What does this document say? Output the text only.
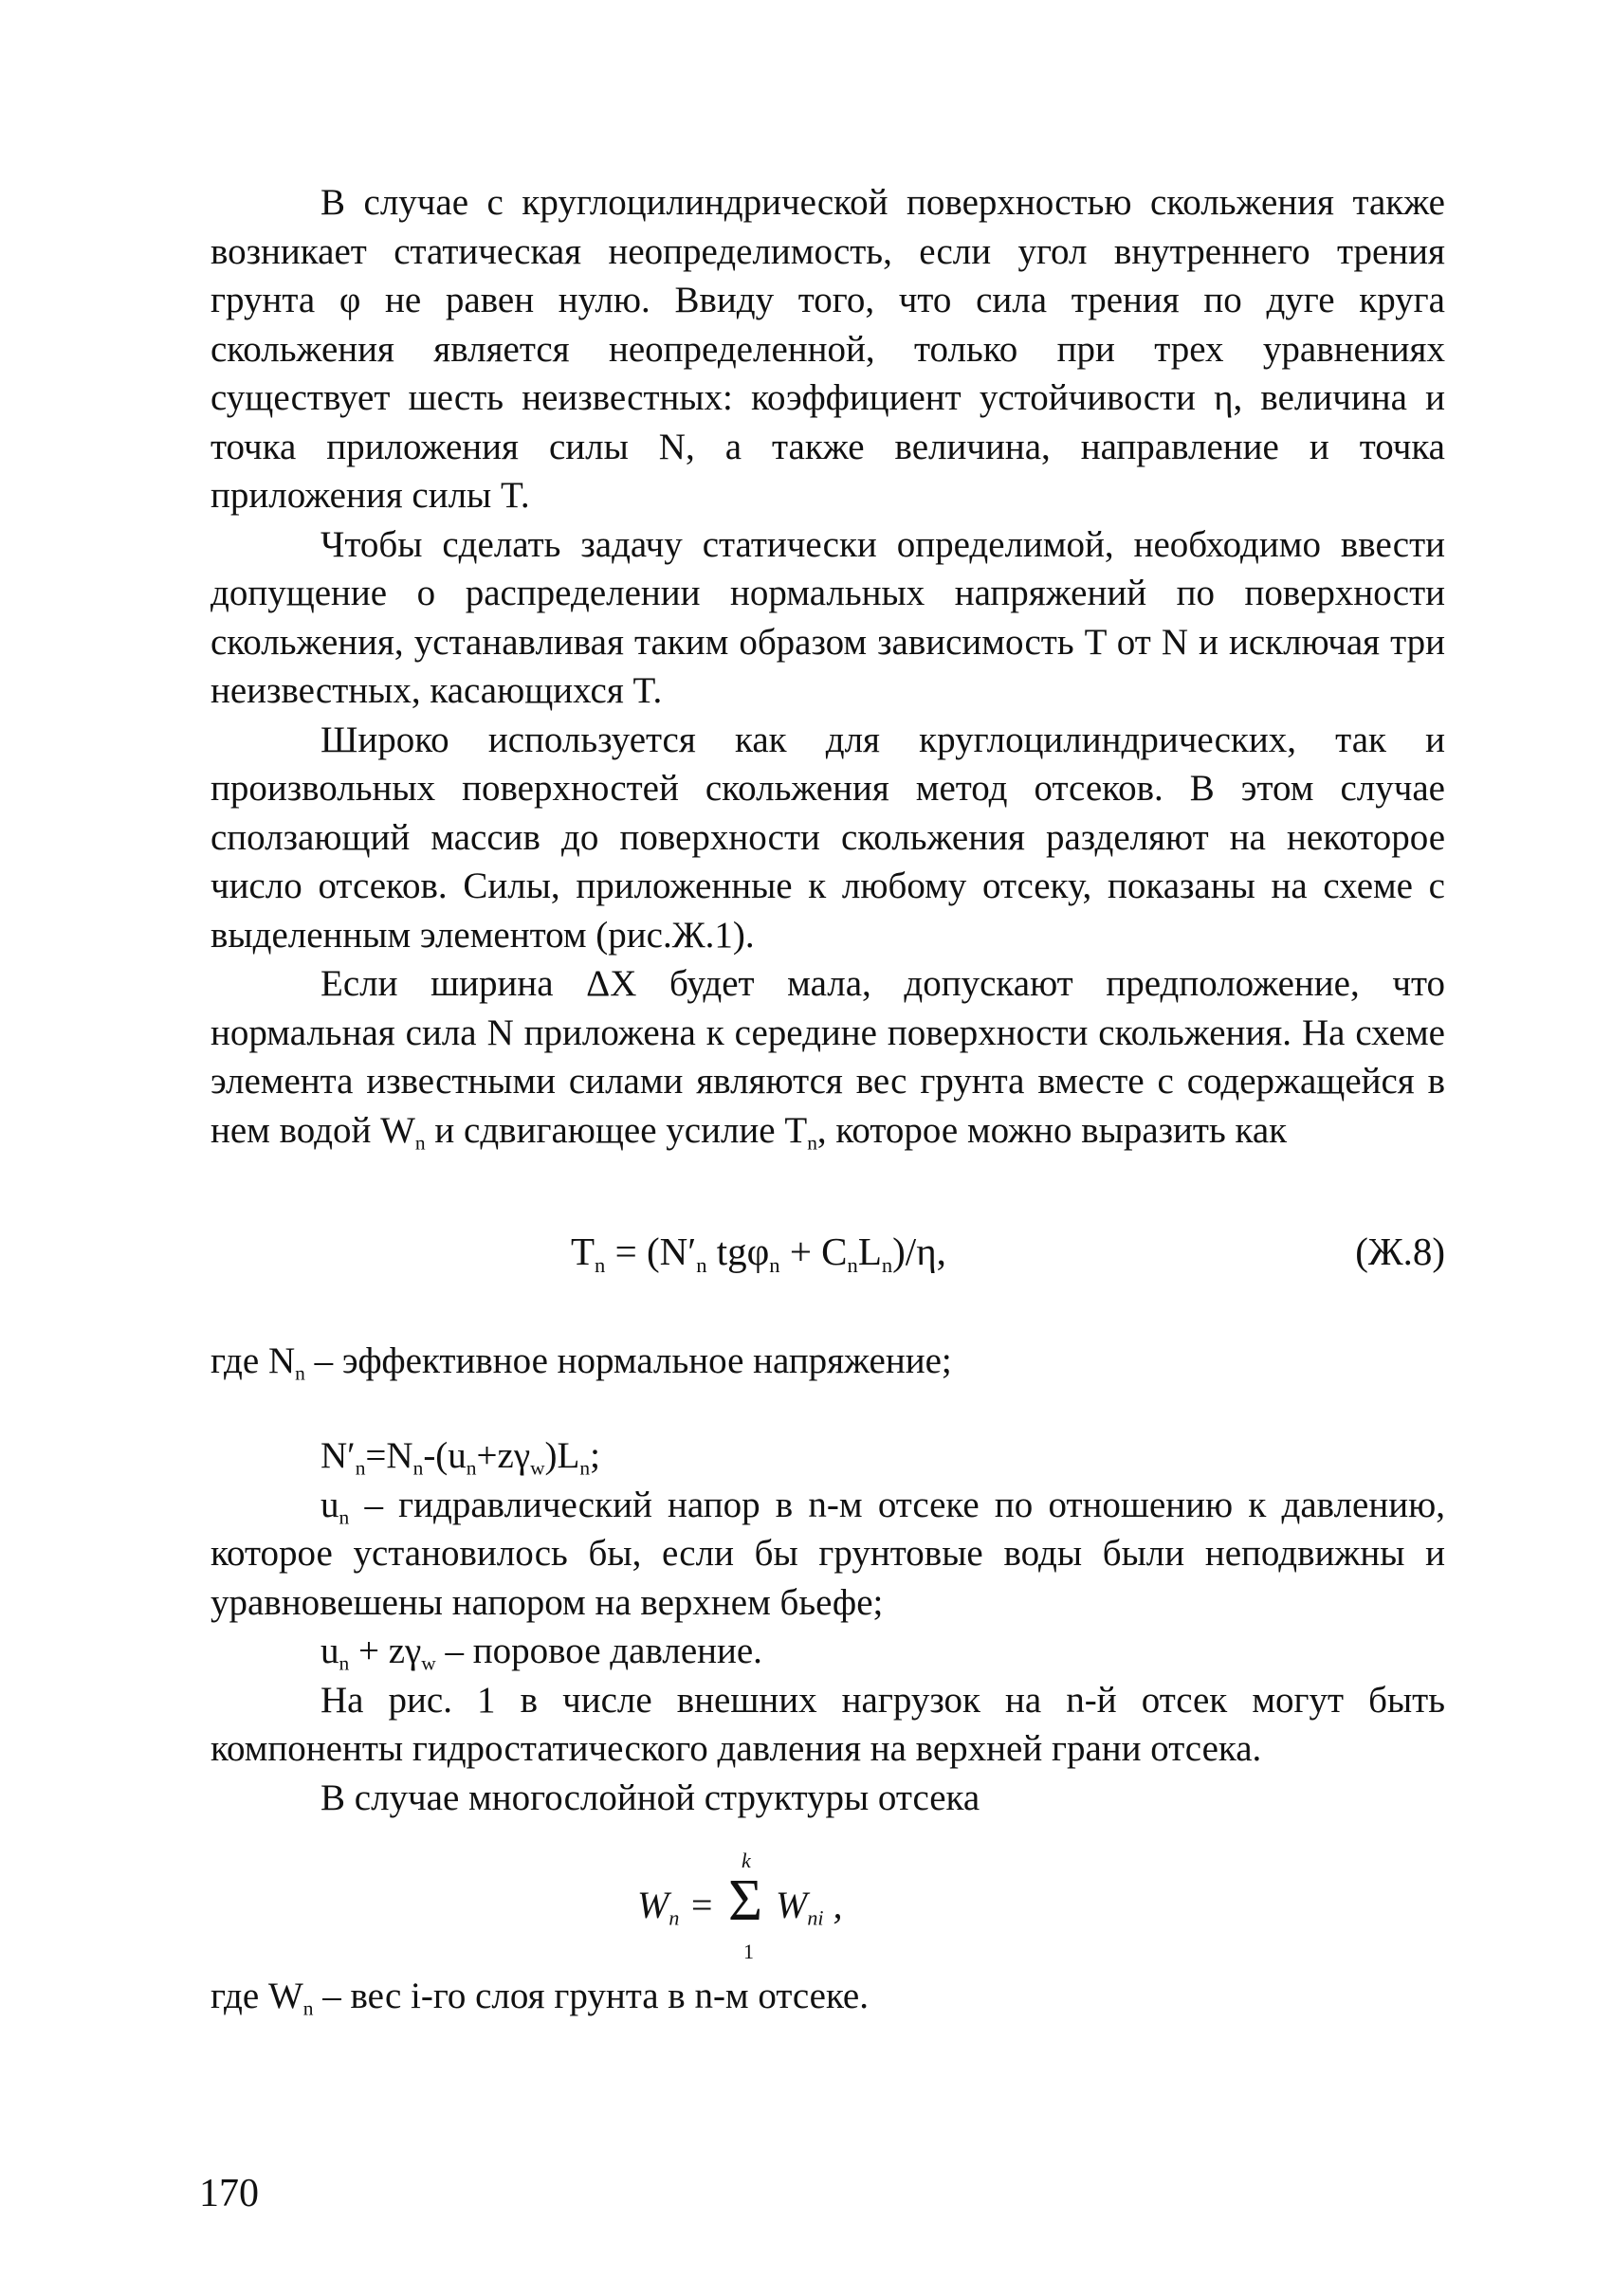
В случае с круглоцилиндрической поверхностью скольжения также возникает статическая неопределимость, если угол внутреннего трения грунта φ не равен нулю. Ввиду того, что сила трения по дуге круга скольжения является неопределенной, только при трех уравнениях существует шесть неизвестных: коэффициент устойчивости η, величина и точка приложения силы N, а также величина, направление и точка приложения силы T.

Чтобы сделать задачу статически определимой, необходимо ввести допущение о распределении нормальных напряжений по поверхности скольжения, устанавливая таким образом зависимость T от N и исключая три неизвестных, касающихся T.

Широко используется как для круглоцилиндрических, так и произвольных поверхностей скольжения метод отсеков. В этом случае сползающий массив до поверхности скольжения разделяют на некоторое число отсеков. Силы, приложенные к любому отсеку, показаны на схеме с выделенным элементом (рис.Ж.1).

Если ширина ΔX будет мала, допускают предположение, что нормальная сила N приложена к середине поверхности скольжения. На схеме элемента известными силами являются вес грунта вместе с содержащейся в нем водой $W_n$ и сдвигающее усилие $T_n$, которое можно выразить как

$T_n = (N'_n$ $tg\varphi_n + C_nL_n)/\eta$,	(Ж.8)
где $N_n$ – эффективное нормальное напряжение;

$N'_n=N_n-(u_n+z\gamma_w)L_n$;

$u_n$ – гидравлический напор в n-м отсеке по отношению к давлению, которое установилось бы, если бы грунтовые воды были неподвижны и уравновешены напором на верхнем бьефе;

$u_n + z\gamma_w$ – поровое давление.

На рис. 1 в числе внешних нагрузок на n-й отсек могут быть компоненты гидростатического давления на верхней грани отсека.

В случае многослойной структуры отсека

$W_n$ =
k
Σ
1
$W_{ni}$ ,
где $W_n$ – вес i-го слоя грунта в n-м отсеке.
170
